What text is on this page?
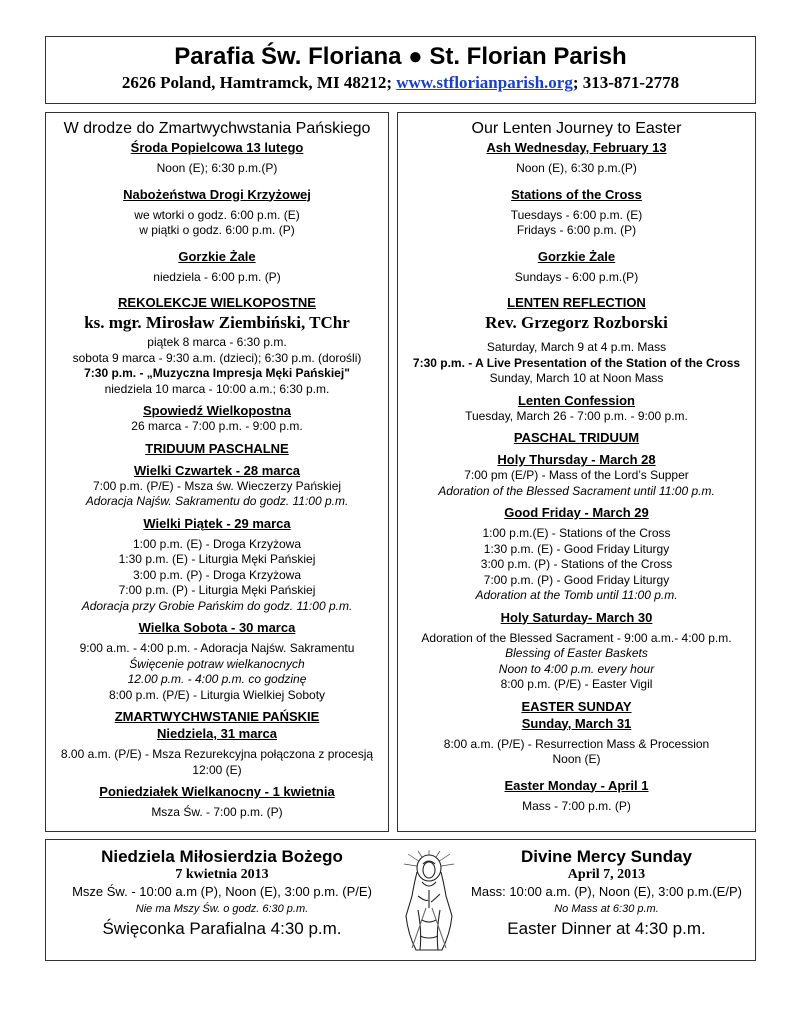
Parafia Św. Floriana ● St. Florian Parish
2626 Poland, Hamtramck, MI 48212; www.stflorianparish.org; 313-871-2778
W drodze do Zmartwychwstania Pańskiego
Środa Popielcowa 13 lutego
Noon (E); 6:30 p.m.(P)
Nabożeństwa Drogi Krzyżowej
we wtorki o godz. 6:00 p.m. (E)
w piątki o godz. 6:00 p.m. (P)
Gorzkie Żale
niedziela - 6:00 p.m. (P)
REKOLEKCJE WIELKOPOSTNE
ks. mgr. Mirosław Ziembiński, TChr
piątek 8 marca - 6:30 p.m.
sobota 9 marca - 9:30 a.m. (dzieci); 6:30 p.m. (dorośli)
7:30 p.m. - „Muzyczna Impresja Męki Pańskiej"
niedziela 10 marca - 10:00 a.m.; 6:30 p.m.
Spowiedź Wielkopostna
26 marca - 7:00 p.m. - 9:00 p.m.
TRIDUUM PASCHALNE
Wielki Czwartek - 28 marca
7:00 p.m. (P/E) - Msza św. Wieczerzy Pańskiej
Adoracja Najśw. Sakramentu do godz. 11:00 p.m.
Wielki Piątek - 29 marca
1:00 p.m. (E) - Droga Krzyżowa
1:30 p.m. (E) - Liturgia Męki Pańskiej
3:00 p.m. (P) - Droga Krzyżowa
7:00 p.m. (P) - Liturgia Męki Pańskiej
Adoracja przy Grobie Pańskim do godz. 11:00 p.m.
Wielka Sobota - 30 marca
9:00 a.m. - 4:00 p.m. - Adoracja Najśw. Sakramentu
Święcenie potraw wielkanocnych
12.00 p.m. - 4:00 p.m. co godzinę
8:00 p.m. (P/E) - Liturgia Wielkiej Soboty
ZMARTWYCHWSTANIE PAŃSKIE
Niedziela, 31 marca
8.00 a.m. (P/E) - Msza Rezurekcyjna połączona z procesją
12:00 (E)
Poniedziałek Wielkanocny - 1 kwietnia
Msza Św. - 7:00 p.m. (P)
Our Lenten Journey to Easter
Ash Wednesday, February 13
Noon (E), 6:30 p.m.(P)
Stations of the Cross
Tuesdays - 6:00 p.m. (E)
Fridays - 6:00 p.m. (P)
Gorzkie Żale
Sundays - 6:00 p.m.(P)
LENTEN REFLECTION
Rev. Grzegorz Rozborski
Saturday, March 9 at 4 p.m. Mass
7:30 p.m. - A Live Presentation of the Station of the Cross
Sunday, March 10 at Noon Mass
Lenten Confession
Tuesday, March 26 - 7:00 p.m. - 9:00 p.m.
PASCHAL TRIDUUM
Holy Thursday - March 28
7:00 pm (E/P) - Mass of the Lord’s Supper
Adoration of the Blessed Sacrament until 11:00 p.m.
Good Friday - March 29
1:00 p.m.(E) - Stations of the Cross
1:30 p.m. (E) - Good Friday Liturgy
3:00 p.m. (P) - Stations of the Cross
7:00 p.m. (P) - Good Friday Liturgy
Adoration at the Tomb until 11:00 p.m.
Holy Saturday- March 30
Adoration of the Blessed Sacrament - 9:00 a.m.- 4:00 p.m.
Blessing of Easter Baskets
Noon to 4:00 p.m. every hour
8:00 p.m. (P/E) - Easter Vigil
EASTER SUNDAY
Sunday, March 31
8:00 a.m. (P/E) - Resurrection Mass & Procession
Noon (E)
Easter Monday - April 1
Mass - 7:00 p.m. (P)
Niedziela Miłosierdzia Bożego
7 kwietnia 2013
Msze Św. - 10:00 a.m (P), Noon (E), 3:00 p.m. (P/E)
Nie ma Mszy Św. o godz. 6:30 p.m.
Święconka Parafialna 4:30 p.m.
Divine Mercy Sunday
April 7, 2013
Mass: 10:00 a.m. (P), Noon (E), 3:00 p.m.(E/P)
No Mass at 6:30 p.m.
Easter Dinner at 4:30 p.m.
